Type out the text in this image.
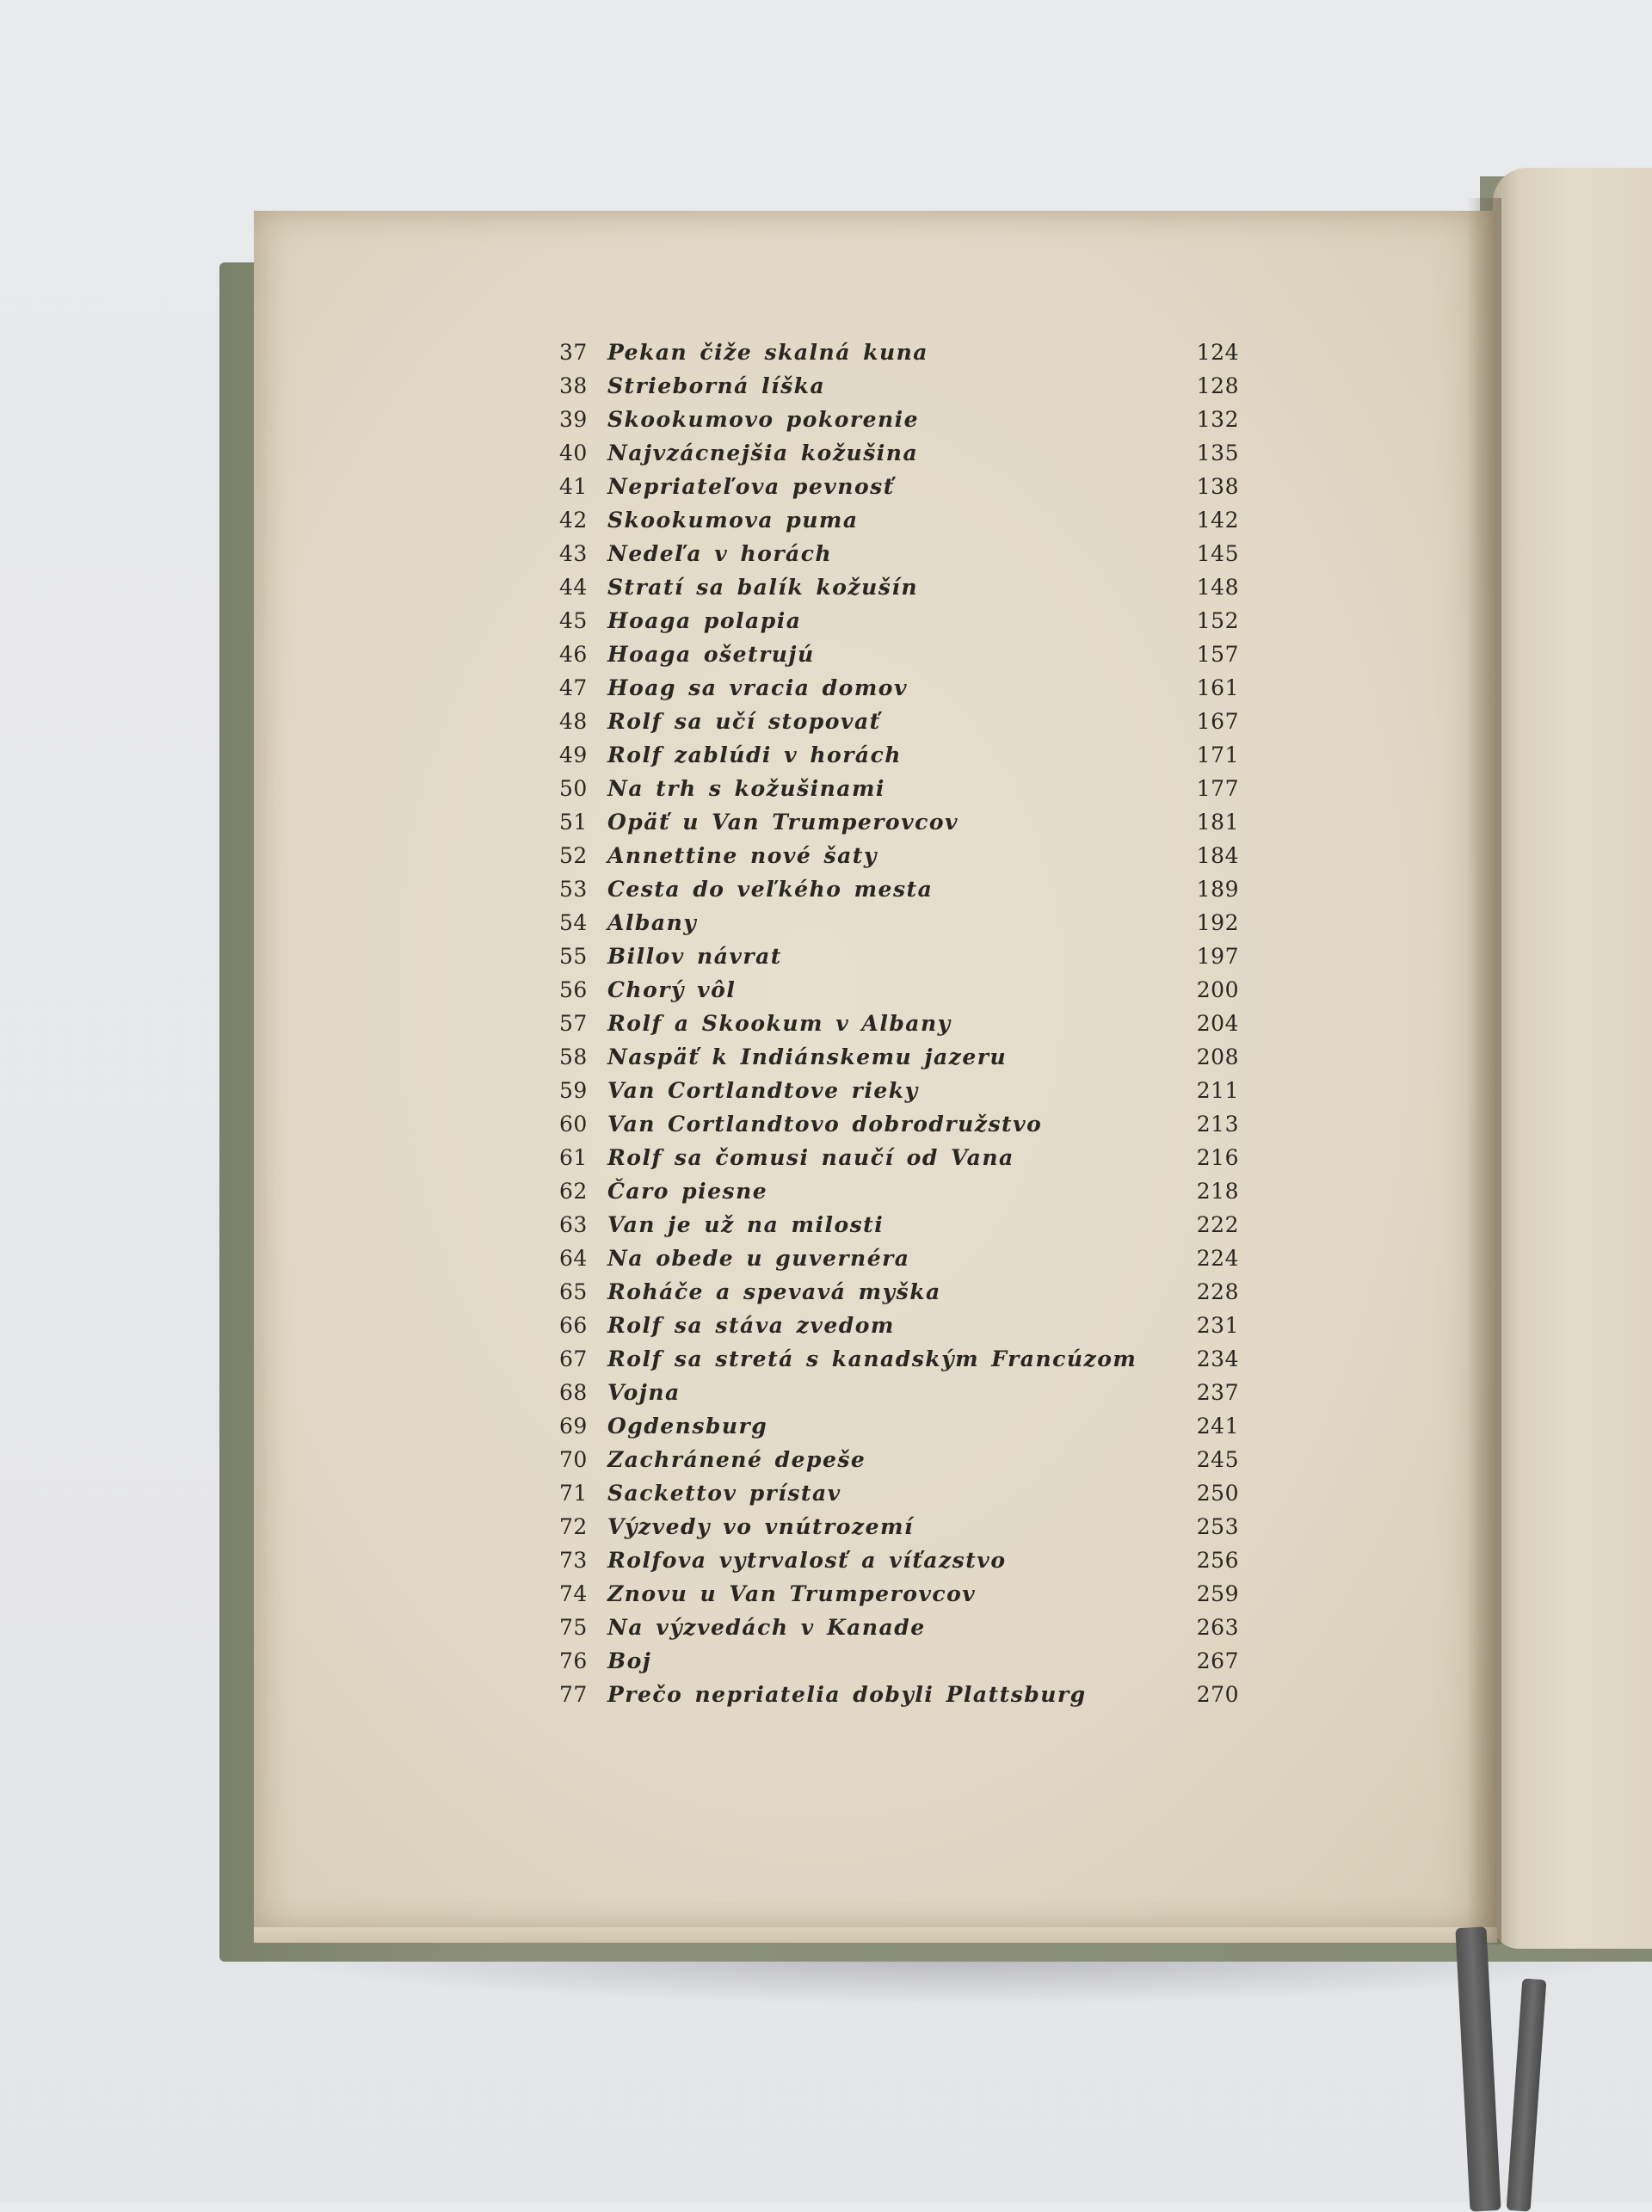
37 Pekan čiže skalná kuna	124
38 Strieborná líška	128
39 Skookumovo pokorenie	132
40 Najvzácnejšia kožušina	135
41 Nepriateľova pevnosť	138
42 Skookumova puma	142
43 Nedeľa v horách	145
44 Stratí sa balík kožušín	148
45 Hoaga polapia	152
46 Hoaga ošetrujú	157
47 Hoag sa vracia domov	161
48 Rolf sa učí stopovať	167
49 Rolf zablúdi v horách	171
50 Na trh s kožušinami	177
51 Opäť u Van Trumperovcov	181
52 Annettine nové šaty	184
53 Cesta do veľkého mesta	189
54 Albany	192
55 Billov návrat	197
56 Chorý vôl	200
57 Rolf a Skookum v Albany	204
58 Naspäť k Indiánskemu jazeru	208
59 Van Cortlandtove rieky	211
60 Van Cortlandtovo dobrodružstvo	213
61 Rolf sa čomusi naučí od Vana	216
62 Čaro piesne	218
63 Van je už na milosti	222
64 Na obede u guvernéra	224
65 Roháče a spevavá myška	228
66 Rolf sa stáva zvedom	231
67 Rolf sa stretá s kanadským Francúzom	234
68 Vojna	237
69 Ogdensburg	241
70 Zachránené depeše	245
71 Sackettov prístav	250
72 Výzvedy vo vnútrozemí	253
73 Rolfova vytrvalosť a víťazstvo	256
74 Znovu u Van Trumperovcov	259
75 Na výzvedách v Kanade	263
76 Boj	267
77 Prečo nepriatelia dobyli Plattsburg	270
